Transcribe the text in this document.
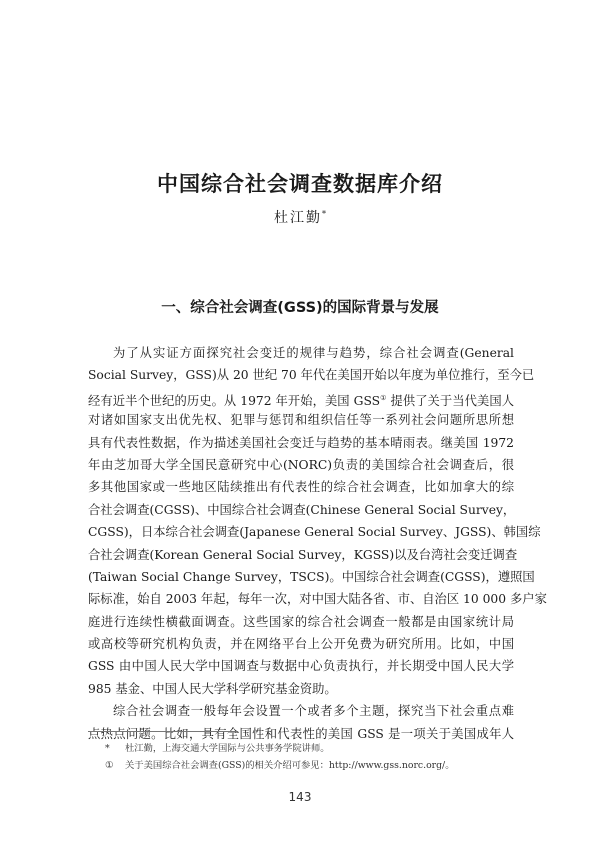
中国综合社会调查数据库介绍
杜江勤*
一、综合社会调查(GSS)的国际背景与发展
为了从实证方面探究社会变迁的规律与趋势，综合社会调查(General
Social Survey，GSS)从 20 世纪 70 年代在美国开始以年度为单位推行，至今已
经有近半个世纪的历史。从 1972 年开始，美国 GSS① 提供了关于当代美国人
对诸如国家支出优先权、犯罪与惩罚和组织信任等一系列社会问题所思所想
具有代表性数据，作为描述美国社会变迁与趋势的基本晴雨表。继美国 1972
年由芝加哥大学全国民意研究中心(NORC)负责的美国综合社会调查后，很
多其他国家或一些地区陆续推出有代表性的综合社会调查，比如加拿大的综
合社会调查(CGSS)、中国综合社会调查(Chinese General Social Survey，
CGSS)，日本综合社会调查(Japanese General Social Survey、JGSS)、韩国综
合社会调查(Korean General Social Survey，KGSS)以及台湾社会变迁调查
(Taiwan Social Change Survey，TSCS)。中国综合社会调查(CGSS)，遵照国
际标准，始自 2003 年起，每年一次，对中国大陆各省、市、自治区 10 000 多户家
庭进行连续性横截面调查。这些国家的综合社会调查一般都是由国家统计局
或高校等研究机构负责，并在网络平台上公开免费为研究所用。比如，中国
GSS 由中国人民大学中国调查与数据中心负责执行，并长期受中国人民大学
985 基金、中国人民大学科学研究基金资助。
综合社会调查一般每年会设置一个或者多个主题，探究当下社会重点难
点热点问题。比如，具有全国性和代表性的美国 GSS 是一项关于美国成年人
* 杜江勤，上海交通大学国际与公共事务学院讲师。
① 关于美国综合社会调查(GSS)的相关介绍可参见：http://www.gss.norc.org/。
143
